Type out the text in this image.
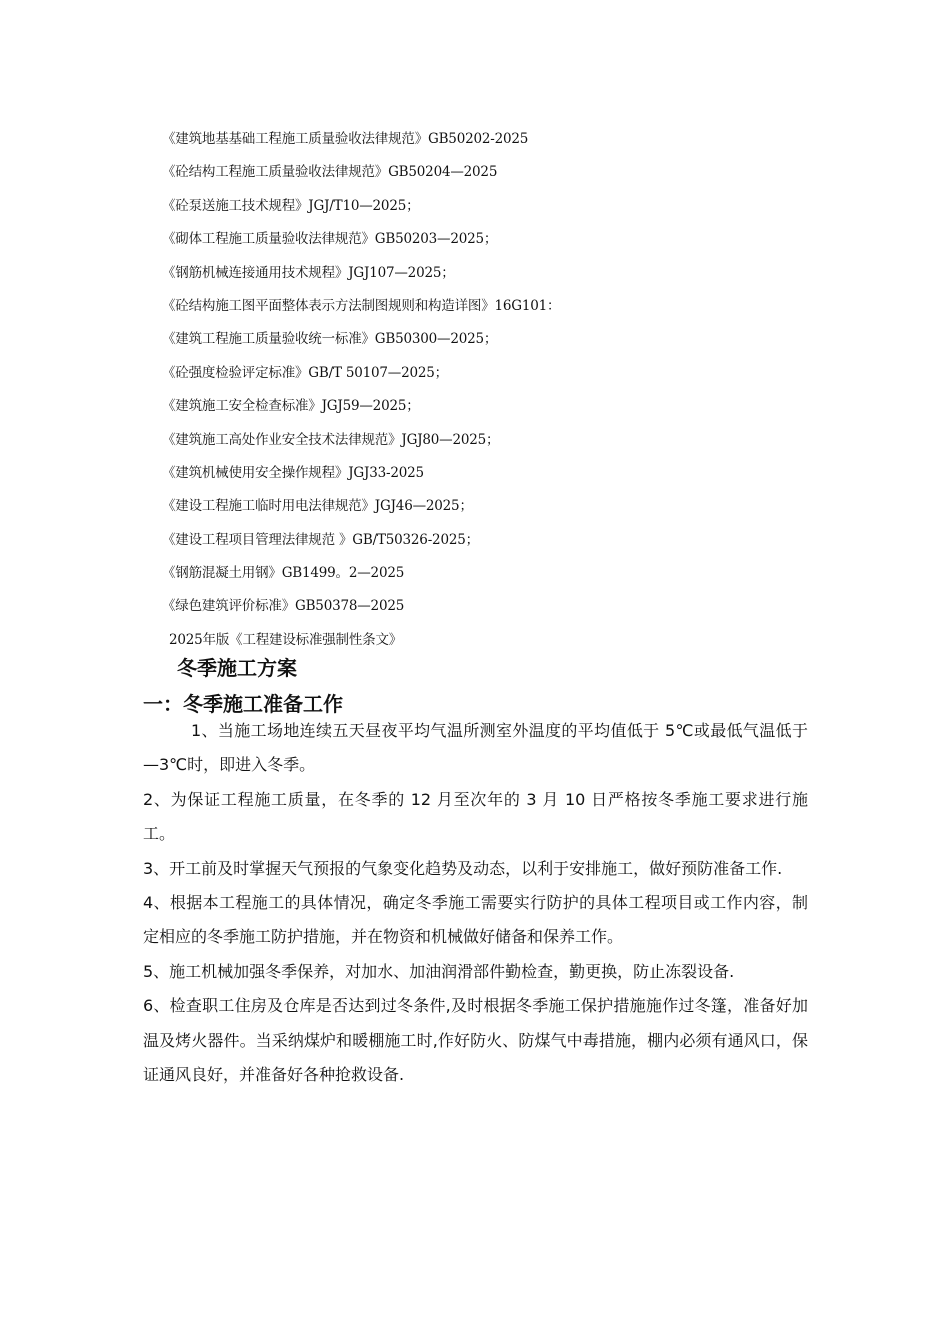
《建筑地基基础工程施工质量验收法律规范》GB50202-2025
《砼结构工程施工质量验收法律规范》GB50204—2025
《砼泵送施工技术规程》JGJ/T10—2025；
《砌体工程施工质量验收法律规范》GB50203—2025；
《钢筋机械连接通用技术规程》JGJ107—2025；
《砼结构施工图平面整体表示方法制图规则和构造详图》16G101：
《建筑工程施工质量验收统一标准》GB50300—2025；
《砼强度检验评定标准》GB/T 50107—2025；
《建筑施工安全检查标准》JGJ59—2025；
《建筑施工高处作业安全技术法律规范》JGJ80—2025；
《建筑机械使用安全操作规程》JGJ33-2025
《建设工程施工临时用电法律规范》JGJ46—2025；
《建设工程项目管理法律规范 》GB/T50326-2025；
《钢筋混凝土用钢》GB1499。2—2025
《绿色建筑评价标准》GB50378—2025
2025年版《工程建设标准强制性条文》
冬季施工方案
一：冬季施工准备工作

1、当施工场地连续五天昼夜平均气温所测室外温度的平均值低于 5℃或最低气温低于—3℃时，即进入冬季。

2、为保证工程施工质量，在冬季的 12 月至次年的 3 月 10 日严格按冬季施工要求进行施工。

3、开工前及时掌握天气预报的气象变化趋势及动态，以利于安排施工，做好预防准备工作.

4、根据本工程施工的具体情况，确定冬季施工需要实行防护的具体工程项目或工作内容，制定相应的冬季施工防护措施，并在物资和机械做好储备和保养工作。

5、施工机械加强冬季保养，对加水、加油润滑部件勤检查，勤更换，防止冻裂设备.

6、检查职工住房及仓库是否达到过冬条件,及时根据冬季施工保护措施施作过冬篷，准备好加温及烤火器件。当采纳煤炉和暖棚施工时,作好防火、防煤气中毒措施，棚内必须有通风口，保证通风良好，并准备好各种抢救设备.
